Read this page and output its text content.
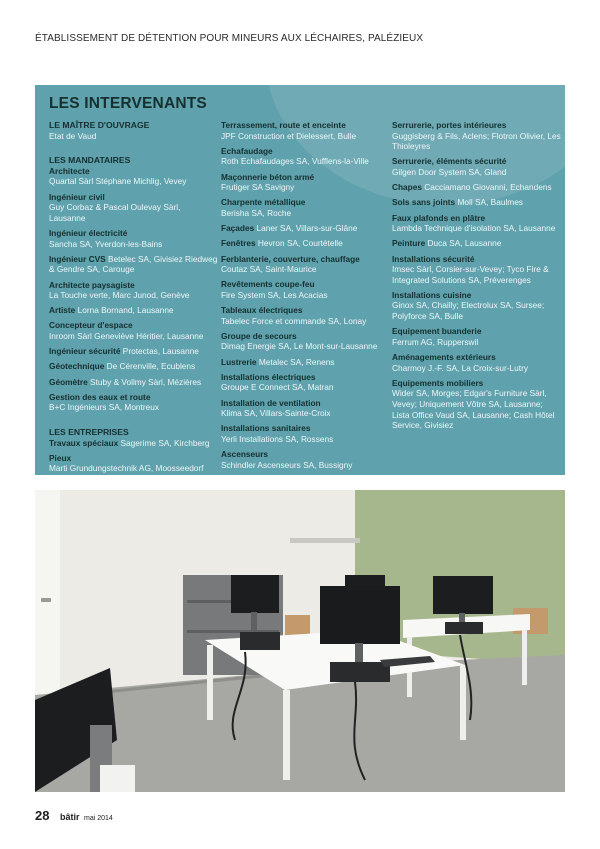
ÉTABLISSEMENT DE DÉTENTION POUR MINEURS AUX LÉCHAIRES, PALÉZIEUX
LES INTERVENANTS
LE MAÎTRE D'OUVRAGE
Etat de Vaud
LES MANDATAIRES
Architecte
Quartal Sàrl Stéphane Michlig, Vevey
Ingénieur civil
Guy Corbaz & Pascal Oulevay Sàrl, Lausanne
Ingénieur électricité
Sancha SA, Yverdon-les-Bains
Ingénieur CVS Betelec SA, Givisiez Riedweg & Gendre SA, Carouge
Architecte paysagiste
La Touche verte, Marc Junod, Genève
Artiste Lorna Bornand, Lausanne
Concepteur d'espace
Inroom Sàrl Geneviève Héritier, Lausanne
Ingénieur sécurité Protectas, Lausanne
Géotechnique De Cérenville, Ecublens
Géomètre Stuby & Vollmy Sàrl, Mézières
Gestion des eaux et route
B+C Ingénieurs SA, Montreux
LES ENTREPRISES
Travaux spéciaux Sagerime SA, Kirchberg
Pieux
Marti Grundungstechnik AG, Moosseedorf
Terrassement, route et enceinte
JPF Construction et Dielessert, Bulle
Echafaudage
Roth Echafaudages SA, Vufflens-la-Ville
Maçonnerie béton armé
Frutiger SA Savigny
Charpente métallique
Berisha SA, Roche
Façades Laner SA, Villars-sur-Glâne
Fenêtres Hevron SA, Courtételle
Ferblanterie, couverture, chauffage
Coutaz SA, Saint-Maurice
Revêtements coupe-feu
Fire System SA, Les Acacias
Tableaux électriques
Tabelec Force et commande SA, Lonay
Groupe de secours
Dimag Energie SA, Le Mont-sur-Lausanne
Lustrerie Metalec SA, Renens
Installations électriques
Groupe E Connect SA, Matran
Installation de ventilation
Klima SA, Villars-Sainte-Croix
Installations sanitaires
Yerli Installations SA, Rossens
Ascenseurs
Schindler Ascenseurs SA, Bussigny
Serrurerie, portes intérieures
Guggisberg & Fils, Aclens; Flotron Olivier, Les Thioleyres
Serrurerie, éléments sécurité
Gilgen Door System SA, Gland
Chapes Cacciamano Giovanni, Echandens
Sols sans joints Moll SA, Baulmes
Faux plafonds en plâtre
Lambda Technique d'isolation SA, Lausanne
Peinture Duca SA, Lausanne
Installations sécurité
Imsec Sàrl, Corsier-sur-Vevey; Tyco Fire & Integrated Solutions SA, Préverenges
Installations cuisine
Ginox SA, Chailly; Electrolux SA, Sursee; Polyforce SA, Bulle
Equipement buanderie
Ferrum AG, Rupperswil
Aménagements extérieurs
Charmoy J.-F. SA, La Croix-sur-Lutry
Equipements mobiliers
Wider SA, Morges; Edgar's Furniture Sàrl, Vevey; Uniquement Vôtre SA, Lausanne; Lista Office Vaud SA, Lausanne; Cash Hôtel Service, Givisiez
28 bâtir mai 2014
